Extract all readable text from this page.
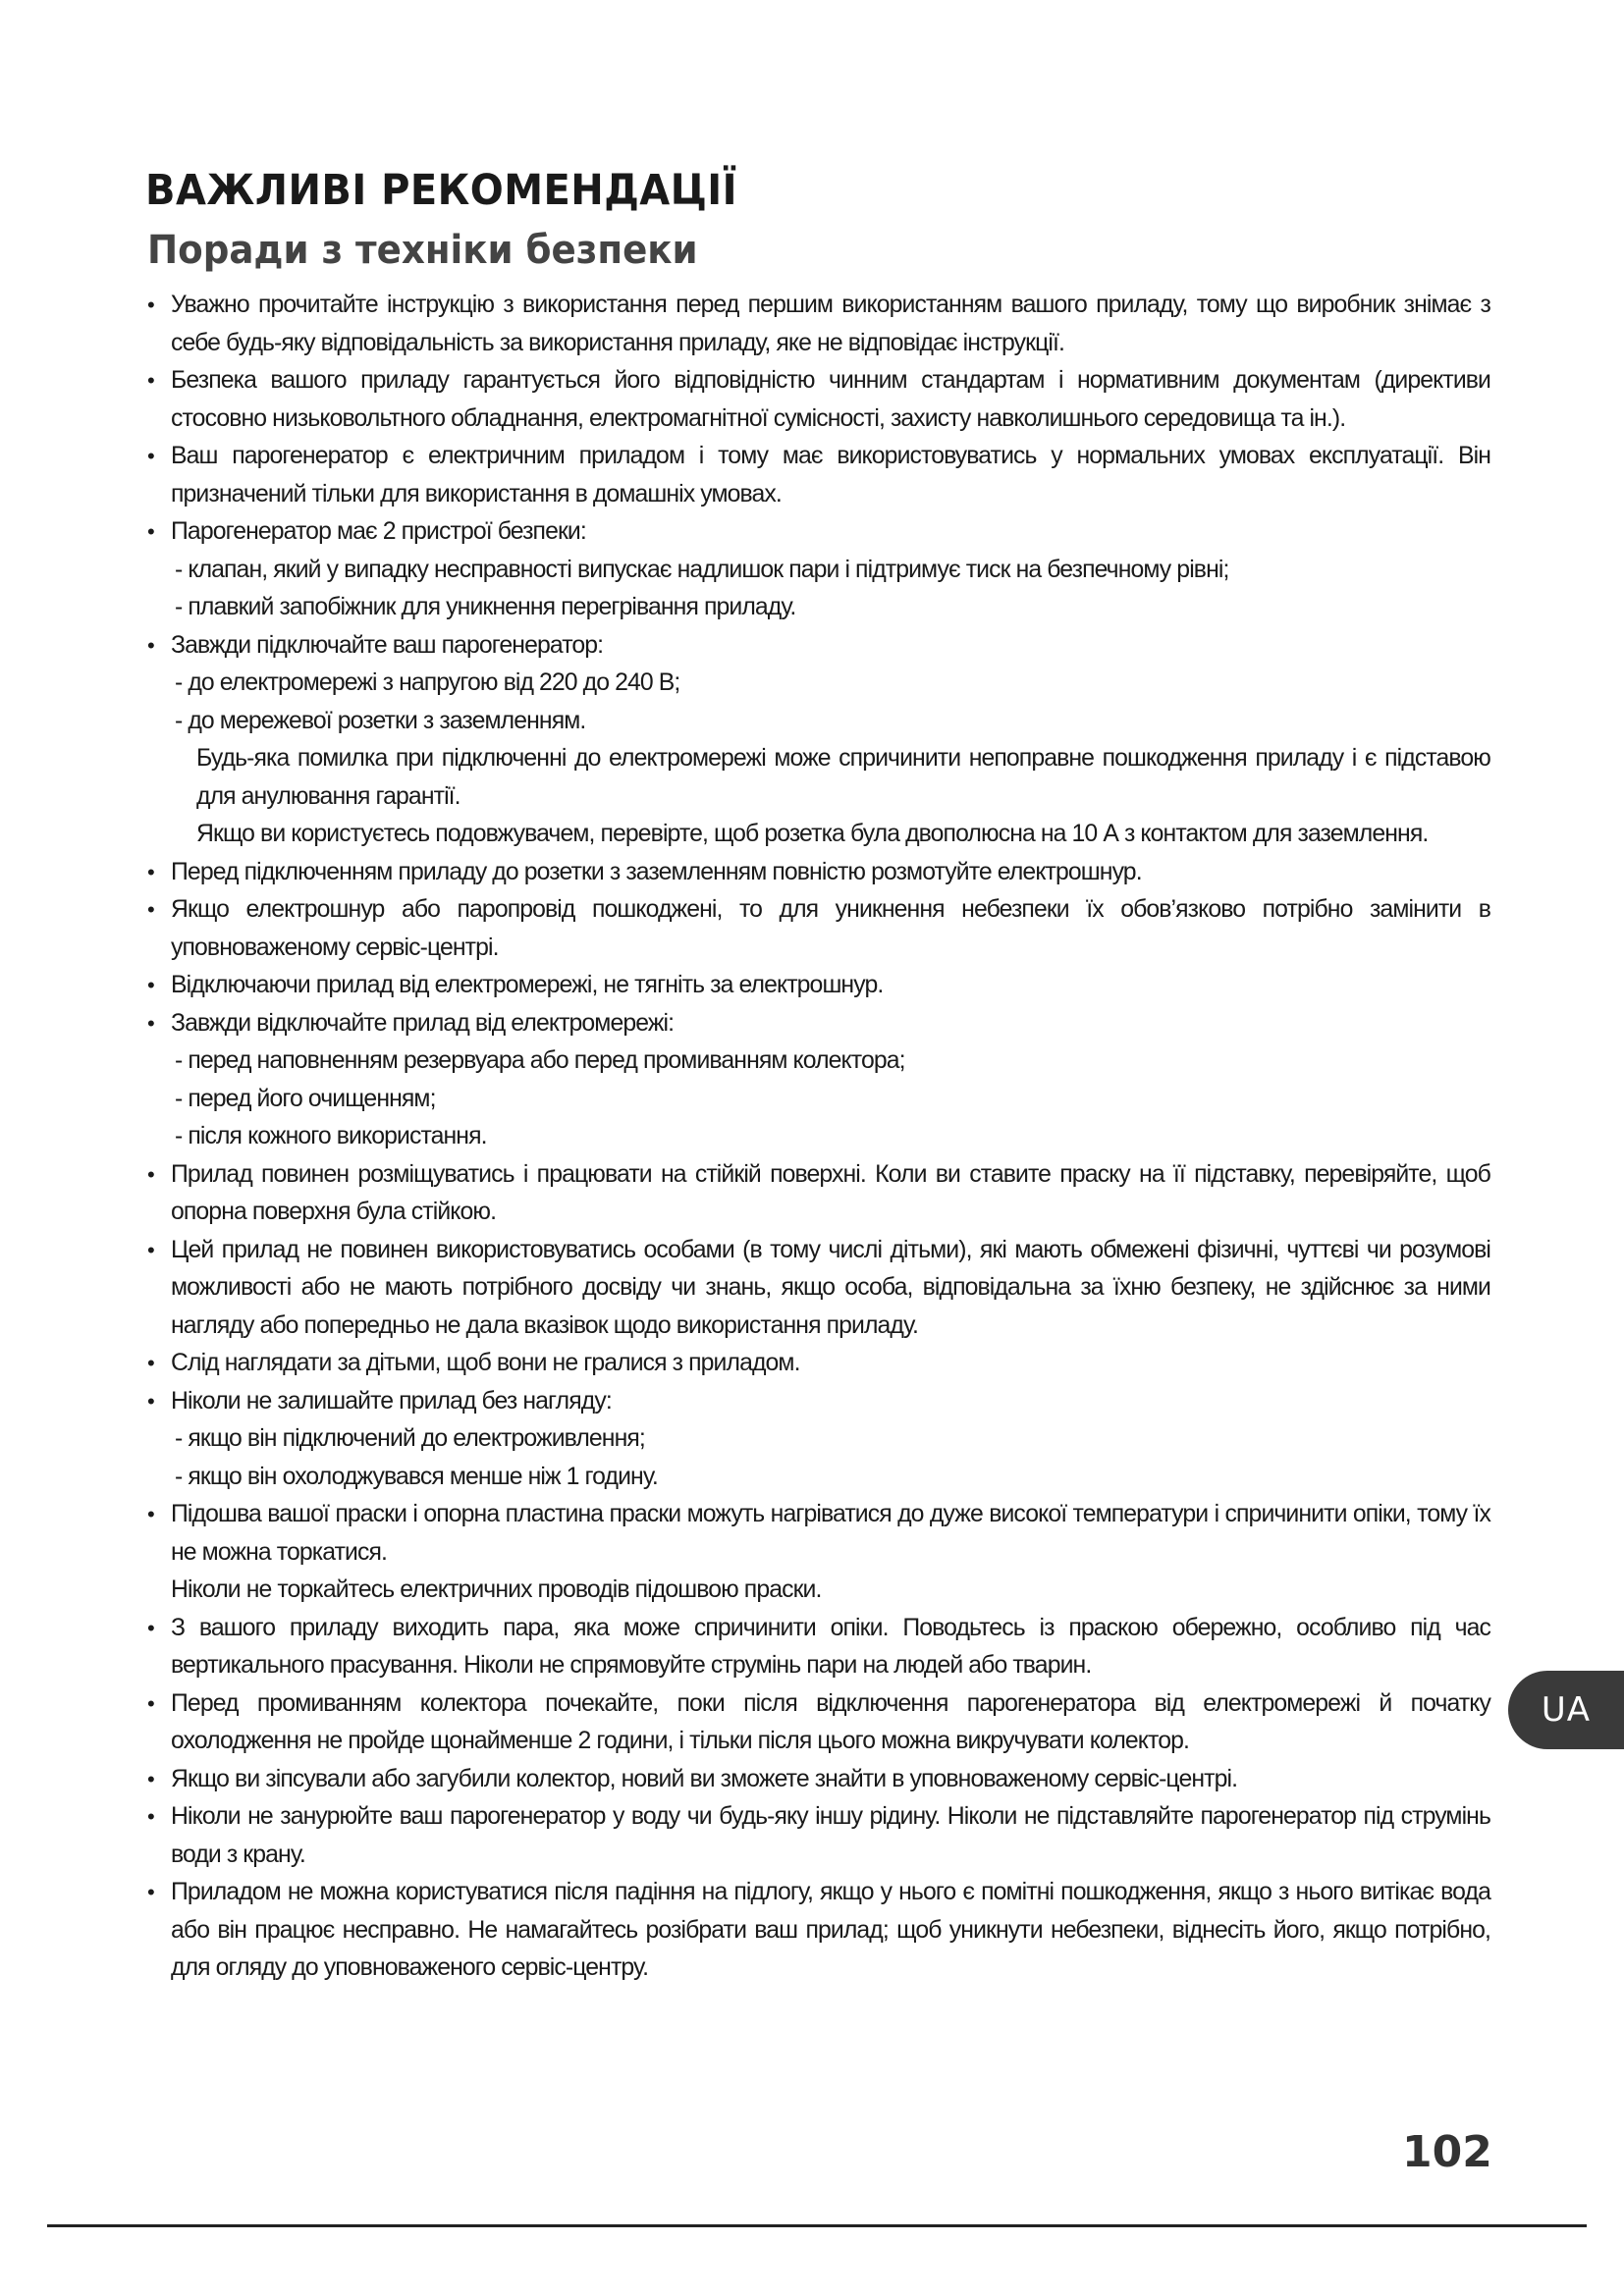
ВАЖЛИВІ РЕКОМЕНДАЦІЇ
Поради з техніки безпеки

• Уважно прочитайте інструкцію з використання перед першим використанням вашого приладу, тому що виробник знімає з себе будь-яку відповідальність за використання приладу, яке не відповідає інструкції.

• Безпека вашого приладу гарантується його відповідністю чинним стандартам і нормативним документам (директиви стосовно низьковольтного обладнання, електромагнітної сумісності, захисту навколишнього середовища та ін.).

• Ваш парогенератор є електричним приладом і тому має використовуватись у нормальних умовах експлуатації. Він призначений тільки для використання в домашніх умовах.

• Парогенератор має 2 пристрої безпеки:

- клапан, який у випадку несправності випускає надлишок пари і підтримує тиск на безпечному рівні;

- плавкий запобіжник для уникнення перегрівання приладу.

• Завжди підключайте ваш парогенератор:

- до електромережі з напругою від 220 до 240 В;

- до мережевої розетки з заземленням.

Будь-яка помилка при підключенні до електромережі може спричинити непоправне пошкодження приладу і є підставою для анулювання гарантії.

Якщо ви користуєтесь подовжувачем, перевірте, щоб розетка була двополюсна на 10 А з контактом для заземлення.

• Перед підключенням приладу до розетки з заземленням повністю розмотуйте електрошнур.

• Якщо електрошнур або паропровід пошкоджені, то для уникнення небезпеки їх обов’язково потрібно замінити в уповноваженому сервіс-центрі.

• Відключаючи прилад від електромережі, не тягніть за електрошнур.

• Завжди відключайте прилад від електромережі:

- перед наповненням резервуара або перед промиванням колектора;

- перед його очищенням;

- після кожного використання.

• Прилад повинен розміщуватись і працювати на стійкій поверхні. Коли ви ставите праску на її підставку, перевіряйте, щоб опорна поверхня була стійкою.

• Цей прилад не повинен використовуватись особами (в тому числі дітьми), які мають обмежені фізичні, чуттєві чи розумові можливості або не мають потрібного досвіду чи знань, якщо особа, відповідальна за їхню безпеку, не здійснює за ними нагляду або попередньо не дала вказівок щодо використання приладу.

• Слід наглядати за дітьми, щоб вони не гралися з приладом.

• Ніколи не залишайте прилад без нагляду:

- якщо він підключений до електроживлення;

- якщо він охолоджувався менше ніж 1 годину.

• Підошва вашої праски і опорна пластина праски можуть нагріватися до дуже високої температури і спричинити опіки, тому їх не можна торкатися.

Ніколи не торкайтесь електричних проводів підошвою праски.

• З вашого приладу виходить пара, яка може спричинити опіки. Поводьтесь із праскою обережно, особливо під час вертикального прасування. Ніколи не спрямовуйте струмінь пари на людей або тварин.

• Перед промиванням колектора почекайте, поки після відключення парогенератора від електромережі й початку охолодження не пройде щонайменше 2 години, і тільки після цього можна викручувати колектор.

• Якщо ви зіпсували або загубили колектор, новий ви зможете знайти в уповноваженому сервіс-центрі.

• Ніколи не занурюйте ваш парогенератор у воду чи будь-яку іншу рідину. Ніколи не підставляйте парогенератор під струмінь води з крану.

• Приладом не можна користуватися після падіння на підлогу, якщо у нього є помітні пошкодження, якщо з нього витікає вода або він працює несправно. Не намагайтесь розібрати ваш прилад; щоб уникнути небезпеки, віднесіть його, якщо потрібно, для огляду до уповноваженого сервіс-центру.

UA
102
